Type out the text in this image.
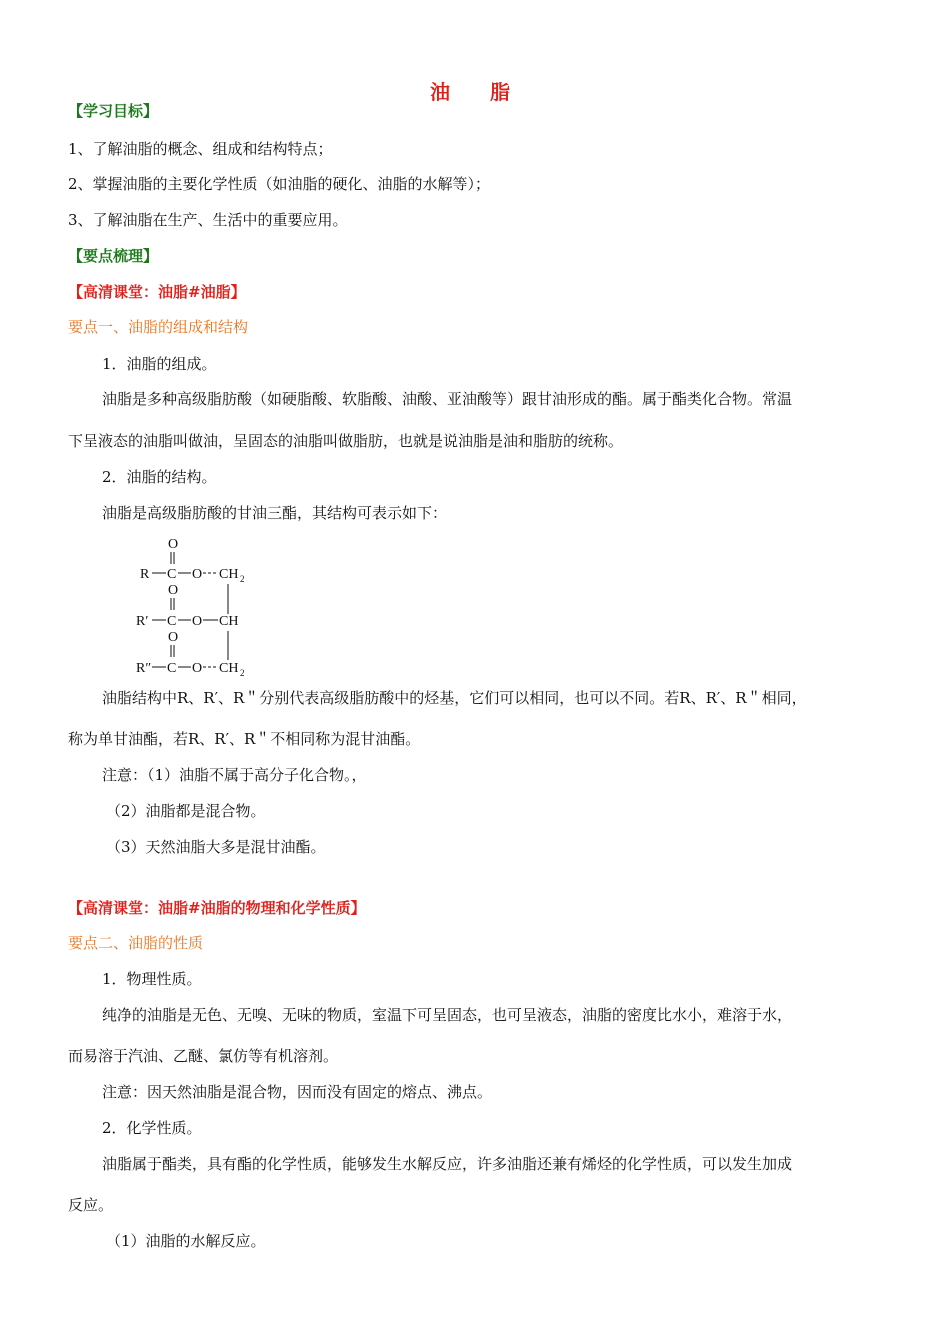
油　脂
【学习目标】
1、了解油脂的概念、组成和结构特点；
2、掌握油脂的主要化学性质（如油脂的硬化、油脂的水解等）；
3、了解油脂在生产、生活中的重要应用。
【要点梳理】
【高清课堂：油脂#油脂】
要点一、油脂的组成和结构
1．油脂的组成。
油脂是多种高级脂肪酸（如硬脂酸、软脂酸、油酸、亚油酸等）跟甘油形成的酯。属于酯类化合物。常温
下呈液态的油脂叫做油，呈固态的油脂叫做脂肪，也就是说油脂是油和脂肪的统称。
2．油脂的结构。
油脂是高级脂肪酸的甘油三酯，其结构可表示如下：
O
R C O CH 2
O
R′ C O CH
O
R″ C O CH 2
油脂结构中R、R′、R＂分别代表高级脂肪酸中的烃基，它们可以相同，也可以不同。若R、R′、R＂相同，
称为单甘油酯，若R、R′、R＂不相同称为混甘油酯。
注意：（1）油脂不属于高分子化合物。，
（2）油脂都是混合物。
（3）天然油脂大多是混甘油酯。
【高清课堂：油脂#油脂的物理和化学性质】
要点二、油脂的性质
1．物理性质。
纯净的油脂是无色、无嗅、无味的物质，室温下可呈固态，也可呈液态，油脂的密度比水小，难溶于水，
而易溶于汽油、乙醚、氯仿等有机溶剂。
注意：因天然油脂是混合物，因而没有固定的熔点、沸点。
2．化学性质。
油脂属于酯类，具有酯的化学性质，能够发生水解反应，许多油脂还兼有烯烃的化学性质，可以发生加成
反应。
（1）油脂的水解反应。
